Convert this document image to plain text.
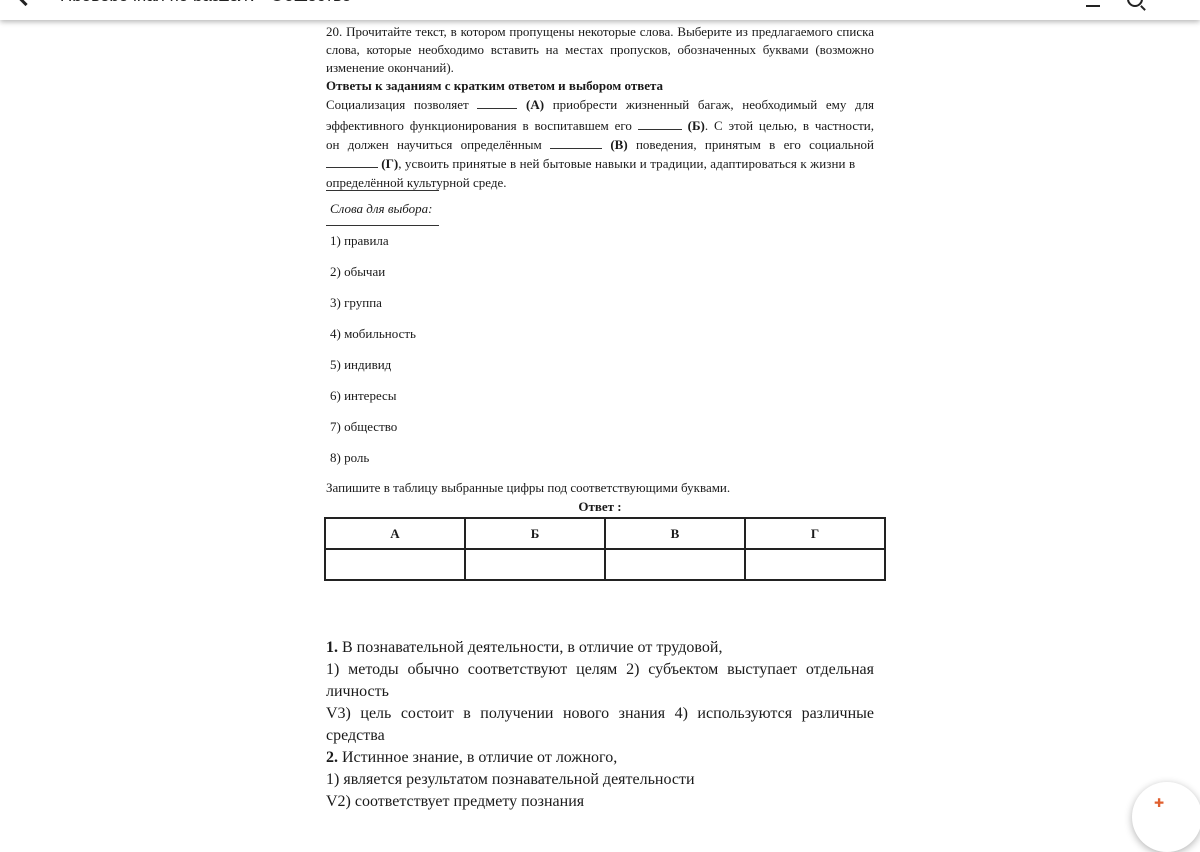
20. Прочитайте текст, в котором пропущены некоторые слова. Выберите из предлагаемого списка
слова, которые необходимо вставить на местах пропусков, обозначенных буквами (возможно
изменение окончаний).
Ответы к заданиям с кратким ответом и выбором ответа
Социализация позволяет	(А) приобрести жизненный багаж, необходимый ему для
эффективного функционирования в воспитавшем его	(Б). С этой целью, в частности,
он должен научиться определённым	(В) поведения, принятым в его социальной
(Г), усвоить принятые в ней бытовые навыки и традиции, адаптироваться к жизни в
определённой культурной среде.
Слова для выбора:
1) правила
2) обычаи
3) группа
4) мобильность
5) индивид
6) интересы
7) общество
8) роль
Запишите в таблицу выбранные цифры под соответствующими буквами.
Ответ :
А	Б	В	Г

1. В познавательной деятельности, в отличие от трудовой,
1) методы обычно соответствуют целям 2) субъектом выступает отдельная
личность
V3) цель состоит в получении нового знания 4) используются различные
средства
2. Истинное знание, в отличие от ложного,
1) является результатом познавательной деятельности
V2) соответствует предмету познания	✚
